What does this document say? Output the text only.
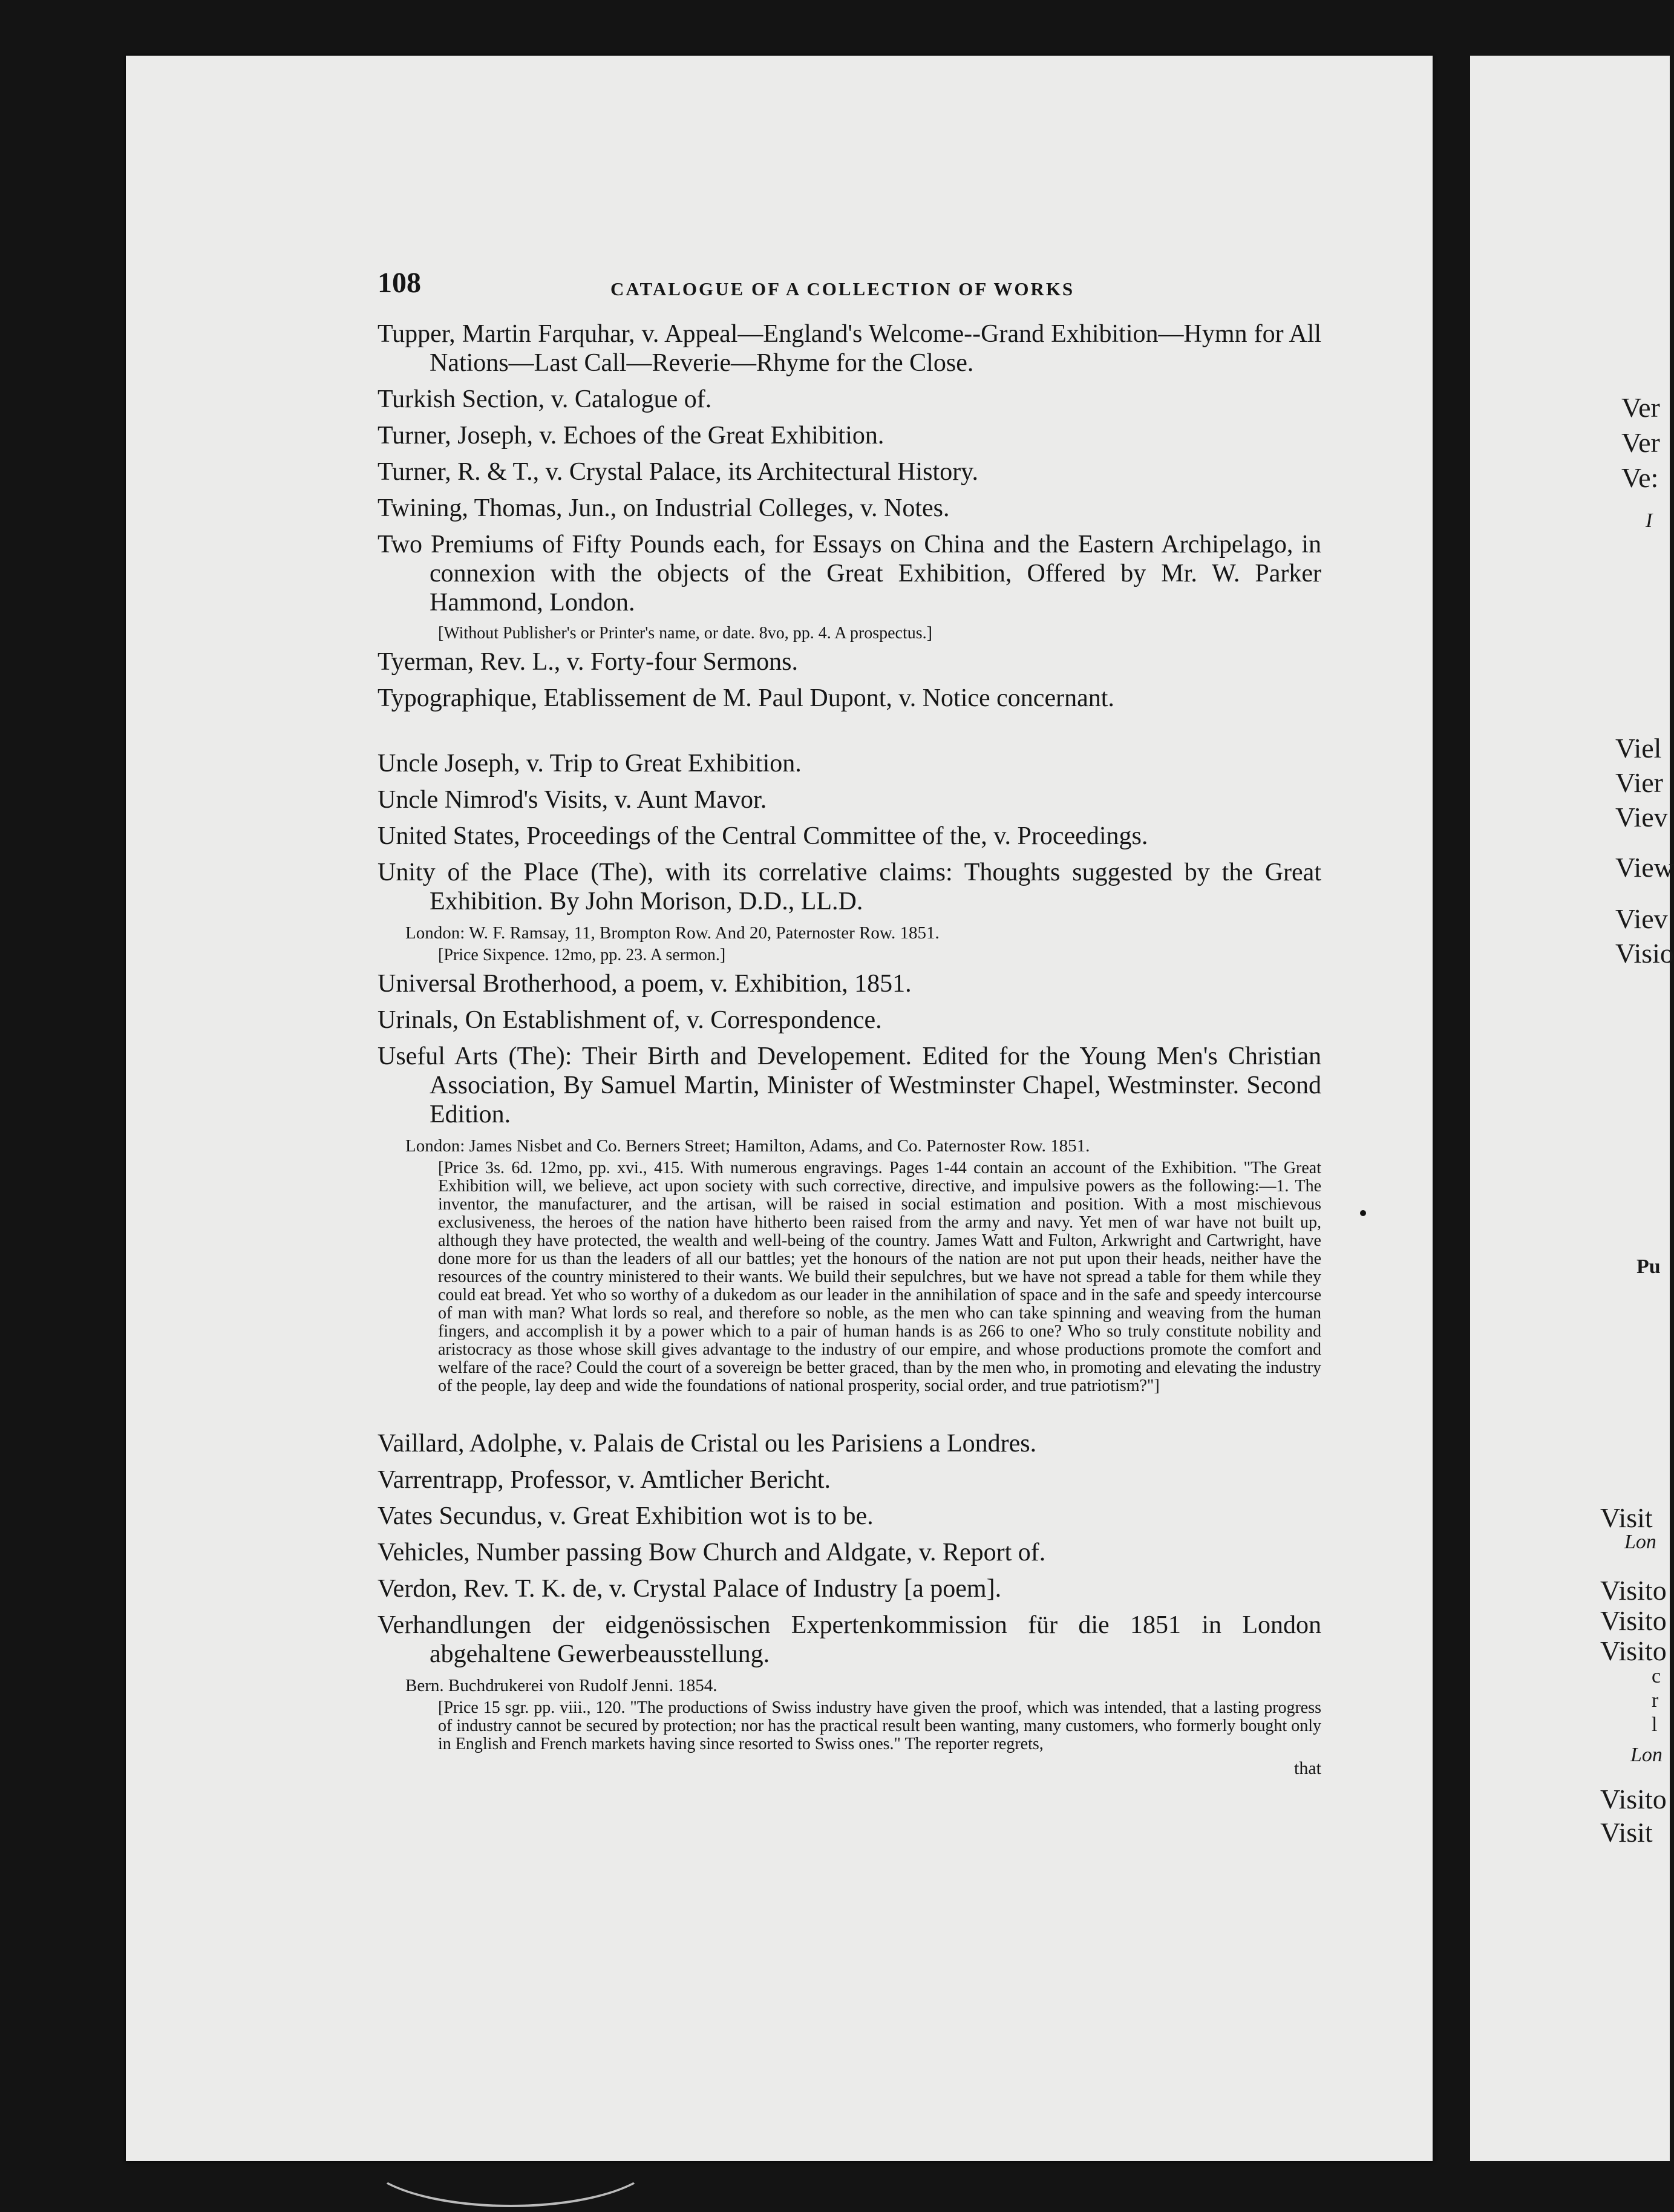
Ver
Ver
Ve:
I
Viel
Vier
Viev
View
Viev
Visio
Pu
Visit
Lon
Visito
Visito
Visito
c
r
l
Lon
Visito
Visit
108	CATALOGUE OF A COLLECTION OF WORKS
Tupper, Martin Farquhar, v. Appeal—England's Welcome--Grand Exhibition—Hymn for All Nations—Last Call—Reverie—Rhyme for the Close.
Turkish Section, v. Catalogue of.
Turner, Joseph, v. Echoes of the Great Exhibition.
Turner, R. & T., v. Crystal Palace, its Architectural History.
Twining, Thomas, Jun., on Industrial Colleges, v. Notes.
Two Premiums of Fifty Pounds each, for Essays on China and the Eastern Archipelago, in connexion with the objects of the Great Exhibition, Offered by Mr. W. Parker Hammond, London.
[Without Publisher's or Printer's name, or date. 8vo, pp. 4. A prospectus.]
Tyerman, Rev. L., v. Forty-four Sermons.
Typographique, Etablissement de M. Paul Dupont, v. Notice concernant.
Uncle Joseph, v. Trip to Great Exhibition.
Uncle Nimrod's Visits, v. Aunt Mavor.
United States, Proceedings of the Central Committee of the, v. Proceedings.
Unity of the Place (The), with its correlative claims: Thoughts suggested by the Great Exhibition. By John Morison, D.D., LL.D.
London: W. F. Ramsay, 11, Brompton Row. And 20, Paternoster Row. 1851.
[Price Sixpence. 12mo, pp. 23. A sermon.]
Universal Brotherhood, a poem, v. Exhibition, 1851.
Urinals, On Establishment of, v. Correspondence.
Useful Arts (The): Their Birth and Developement. Edited for the Young Men's Christian Association, By Samuel Martin, Minister of Westminster Chapel, Westminster. Second Edition.
London: James Nisbet and Co. Berners Street; Hamilton, Adams, and Co. Paternoster Row. 1851.
[Price 3s. 6d. 12mo, pp. xvi., 415. With numerous engravings. Pages 1-44 contain an account of the Exhibition. "The Great Exhibition will, we believe, act upon society with such corrective, directive, and impulsive powers as the following:—1. The inventor, the manufacturer, and the artisan, will be raised in social estimation and position. With a most mischievous exclusiveness, the heroes of the nation have hitherto been raised from the army and navy. Yet men of war have not built up, although they have protected, the wealth and well-being of the country. James Watt and Fulton, Arkwright and Cartwright, have done more for us than the leaders of all our battles; yet the honours of the nation are not put upon their heads, neither have the resources of the country ministered to their wants. We build their sepulchres, but we have not spread a table for them while they could eat bread. Yet who so worthy of a dukedom as our leader in the annihilation of space and in the safe and speedy intercourse of man with man? What lords so real, and therefore so noble, as the men who can take spinning and weaving from the human fingers, and accomplish it by a power which to a pair of human hands is as 266 to one? Who so truly constitute nobility and aristocracy as those whose skill gives advantage to the industry of our empire, and whose productions promote the comfort and welfare of the race? Could the court of a sovereign be better graced, than by the men who, in promoting and elevating the industry of the people, lay deep and wide the foundations of national prosperity, social order, and true patriotism?"]
Vaillard, Adolphe, v. Palais de Cristal ou les Parisiens a Londres.
Varrentrapp, Professor, v. Amtlicher Bericht.
Vates Secundus, v. Great Exhibition wot is to be.
Vehicles, Number passing Bow Church and Aldgate, v. Report of.
Verdon, Rev. T. K. de, v. Crystal Palace of Industry [a poem].
Verhandlungen der eidgenössischen Expertenkommission für die 1851 in London abgehaltene Gewerbeausstellung.
Bern. Buchdrukerei von Rudolf Jenni. 1854.
[Price 15 sgr. pp. viii., 120. "The productions of Swiss industry have given the proof, which was intended, that a lasting progress of industry cannot be secured by protection; nor has the practical result been wanting, many customers, who formerly bought only in English and French markets having since resorted to Swiss ones." The reporter regrets,
that
